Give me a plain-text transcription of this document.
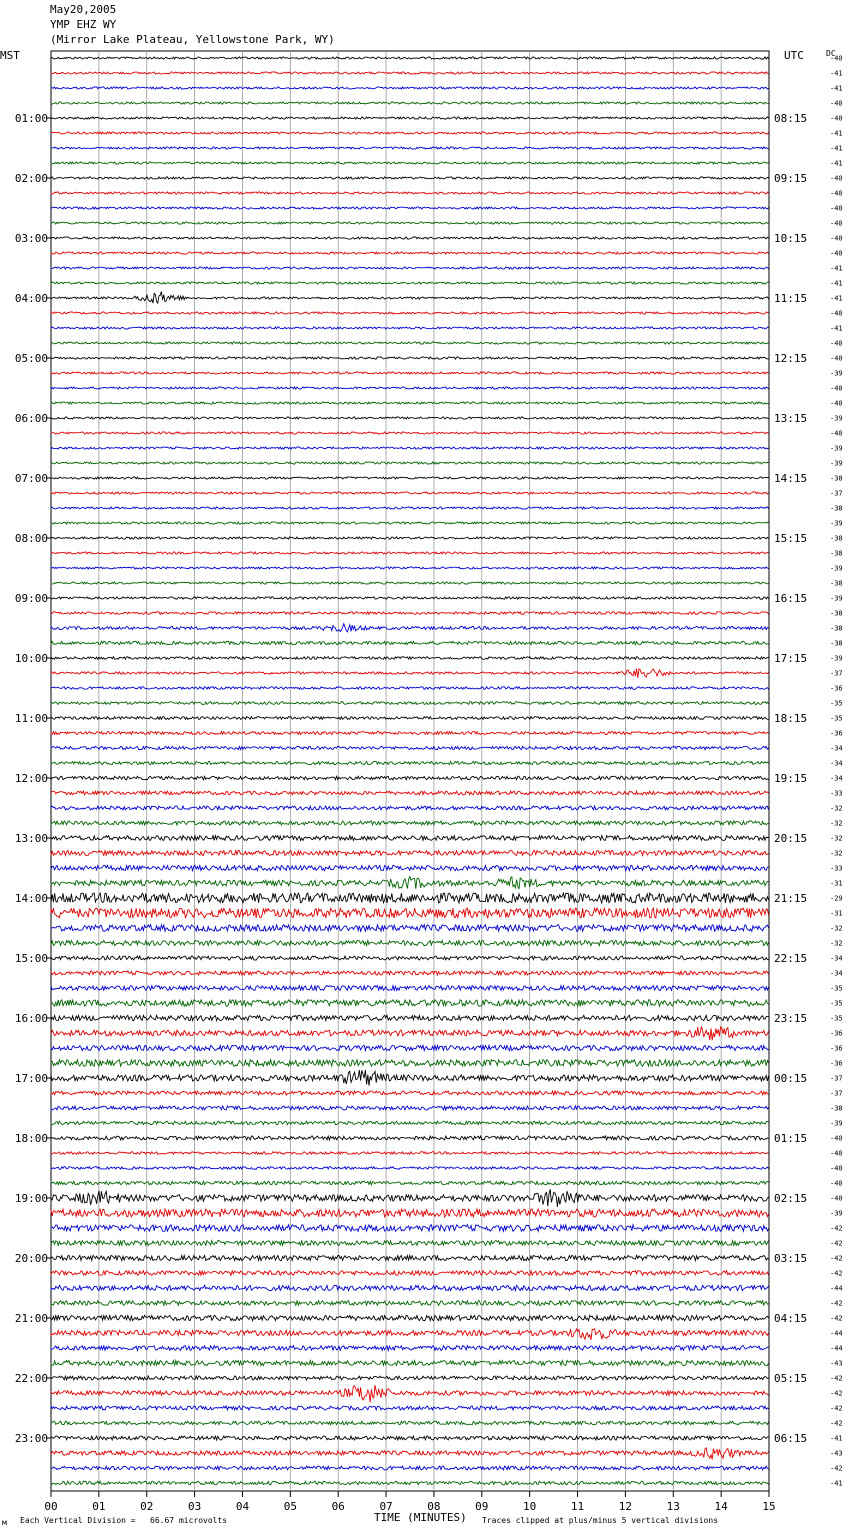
May20,2005
YMP EHZ WY
(Mirror Lake Plateau, Yellowstone Park, WY)
MST	UTC	DC
00	01	02	03	04	05	06	07	08	09	10	11	12	13	14	15
-40
-41
-41
-40
-40
01:00	08:15
-41
-41
-41
-40
02:00	09:15
-40
-40
-40
-40
03:00	10:15
-40
-41
-41
-41
04:00	11:15
-40
-41
-40
-40
05:00	12:15
-39
-40
-40
-39
06:00	13:15
-40
-39
-39
-38
07:00	14:15
-37
-38
-39
-38
08:00	15:15
-38
-39
-38
-39
09:00	16:15
-38
-38
-38
-39
10:00	17:15
-37
-36
-35
-35
11:00	18:15
-36
-34
-34
-34
12:00	19:15
-33
-32
-32
-32
13:00	20:15
-32
-33
-31
-29
14:00	21:15
-31
-32
-32
-34
15:00	22:15
-34
-35
-35
-35
16:00	23:15
-36
-36
-36
-37
17:00	00:15
-37
-38
-39
-40
18:00	01:15
-40
-40
-40
-40
19:00	02:15
-39
-42
-42
-42
20:00	03:15
-42
-44
-42
-42
21:00	04:15
-44
-44
-43
-42
22:00	05:15
-42
-42
-42
-41
23:00	06:15
-43
-42
-41
Each Vertical Division =   66.67 microvolts	TIME (MINUTES) Traces clipped at plus/minus 5 vertical divisions
м
